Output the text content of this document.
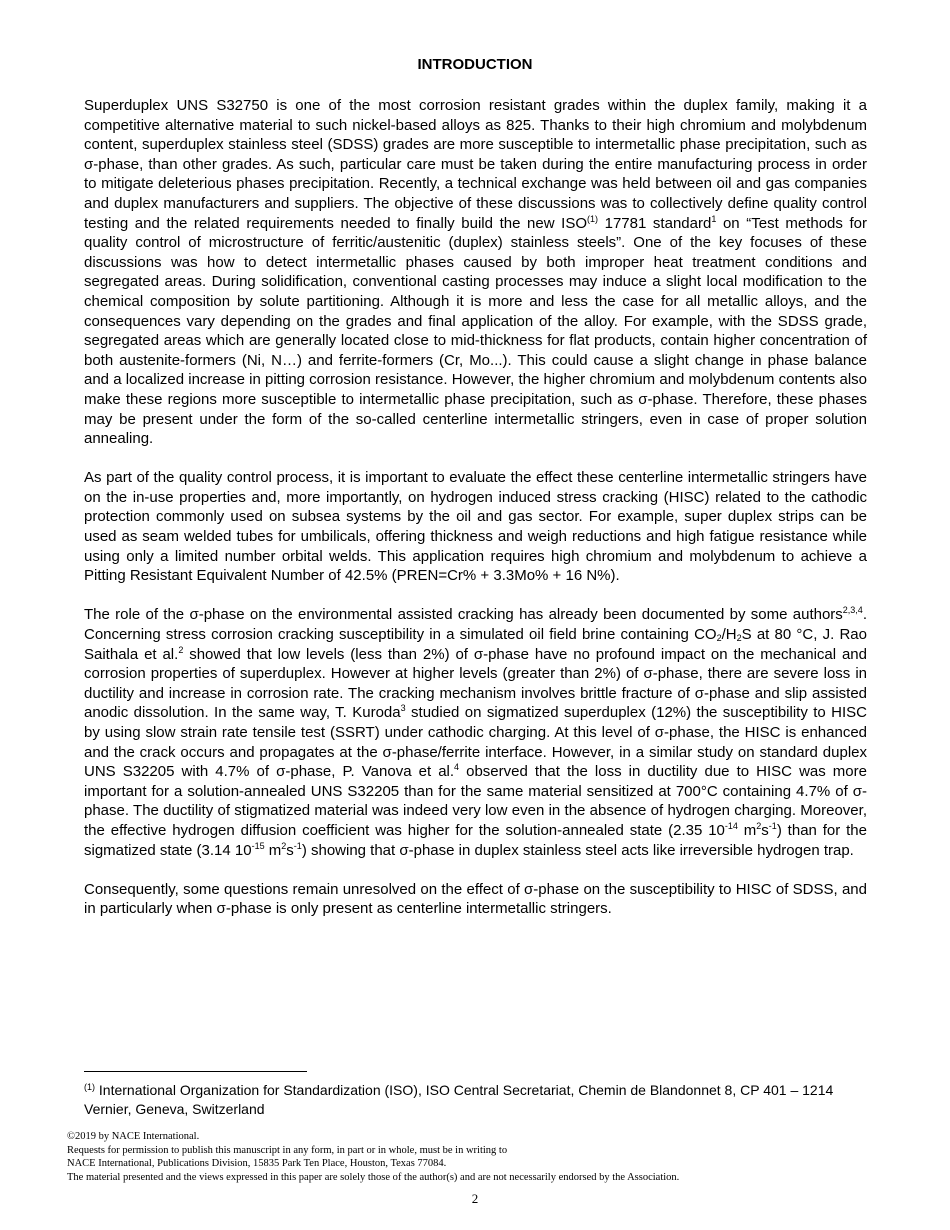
INTRODUCTION

Superduplex UNS S32750 is one of the most corrosion resistant grades within the duplex family, making it a competitive alternative material to such nickel-based alloys as 825. Thanks to their high chromium and molybdenum content, superduplex stainless steel (SDSS) grades are more susceptible to intermetallic phase precipitation, such as σ-phase, than other grades. As such, particular care must be taken during the entire manufacturing process in order to mitigate deleterious phases precipitation. Recently, a technical exchange was held between oil and gas companies and duplex manufacturers and suppliers. The objective of these discussions was to collectively define quality control testing and the related requirements needed to finally build the new ISO$^{(1)}$ 17781 standard$^1$ on “Test methods for quality control of microstructure of ferritic/austenitic (duplex) stainless steels”. One of the key focuses of these discussions was how to detect intermetallic phases caused by both improper heat treatment conditions and segregated areas. During solidification, conventional casting processes may induce a slight local modification to the chemical composition by solute partitioning. Although it is more and less the case for all metallic alloys, and the consequences vary depending on the grades and final application of the alloy. For example, with the SDSS grade, segregated areas which are generally located close to mid-thickness for flat products, contain higher concentration of both austenite-formers (Ni, N…) and ferrite-formers (Cr, Mo...). This could cause a slight change in phase balance and a localized increase in pitting corrosion resistance. However, the higher chromium and molybdenum contents also make these regions more susceptible to intermetallic phase precipitation, such as σ-phase. Therefore, these phases may be present under the form of the so-called centerline intermetallic stringers, even in case of proper solution annealing.

As part of the quality control process, it is important to evaluate the effect these centerline intermetallic stringers have on the in-use properties and, more importantly, on hydrogen induced stress cracking (HISC) related to the cathodic protection commonly used on subsea systems by the oil and gas sector. For example, super duplex strips can be used as seam welded tubes for umbilicals, offering thickness and weigh reductions and high fatigue resistance while using only a limited number orbital welds. This application requires high chromium and molybdenum to achieve a Pitting Resistant Equivalent Number of 42.5% (PREN=Cr% + 3.3Mo% + 16 N%).

The role of the σ-phase on the environmental assisted cracking has already been documented by some authors$^{2,3,4}$. Concerning stress corrosion cracking susceptibility in a simulated oil field brine containing $CO_2/H_2S$ at 80 °C, J. Rao Saithala et al.$^2$ showed that low levels (less than 2%) of σ-phase have no profound impact on the mechanical and corrosion properties of superduplex. However at higher levels (greater than 2%) of σ-phase, there are severe loss in ductility and increase in corrosion rate. The cracking mechanism involves brittle fracture of σ-phase and slip assisted anodic dissolution. In the same way, T. Kuroda$^3$ studied on sigmatized superduplex (12%) the susceptibility to HISC by using slow strain rate tensile test (SSRT) under cathodic charging. At this level of σ-phase, the HISC is enhanced and the crack occurs and propagates at the σ-phase/ferrite interface. However, in a similar study on standard duplex UNS S32205 with 4.7% of σ-phase, P. Vanova et al.$^4$ observed that the loss in ductility due to HISC was more important for a solution-annealed UNS S32205 than for the same material sensitized at 700°C containing 4.7% of σ-phase. The ductility of stigmatized material was indeed very low even in the absence of hydrogen charging. Moreover, the effective hydrogen diffusion coefficient was higher for the solution-annealed state (2.35 $10^{-14}$ $m^2s^{-1}$) than for the sigmatized state (3.14 $10^{-15}$ $m^2s^{-1}$) showing that σ-phase in duplex stainless steel acts like irreversible hydrogen trap.

Consequently, some questions remain unresolved on the effect of σ-phase on the susceptibility to HISC of SDSS, and in particularly when σ-phase is only present as centerline intermetallic stringers.

$^{(1)}$ International Organization for Standardization (ISO), ISO Central Secretariat, Chemin de Blandonnet 8, CP 401 – 1214 Vernier, Geneva, Switzerland
©2019 by NACE International.
Requests for permission to publish this manuscript in any form, in part or in whole, must be in writing to
NACE International, Publications Division, 15835 Park Ten Place, Houston, Texas 77084.
The material presented and the views expressed in this paper are solely those of the author(s) and are not necessarily endorsed by the Association.
2
